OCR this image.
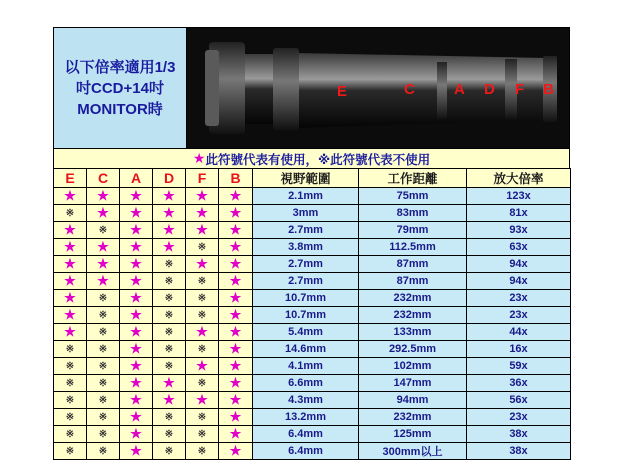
以下倍率適用1/3吋CCD+14吋MONITOR時
E	C	A D F B
★ 此符號代表有使用， ※此符號代表不使用
E	C	A	D	F	B	視野範圍	工作距離	放大倍率
★	★	★	★	★	★	2.1mm	75mm	123x
※	★	★	★	★	★	3mm	83mm	81x
★	※	★	★	★	★	2.7mm	79mm	93x
★	★	★	★	※	★	3.8mm	112.5mm	63x
★	★	★	※	★	★	2.7mm	87mm	94x
★	★	★	※	※	★	2.7mm	87mm	94x
★	※	★	※	※	★	10.7mm	232mm	23x
★	※	★	※	※	★	10.7mm	232mm	23x
★	※	★	※	★	★	5.4mm	133mm	44x
※	※	★	※	※	★	14.6mm	292.5mm	16x
※	※	★	※	★	★	4.1mm	102mm	59x
※	※	★	★	※	★	6.6mm	147mm	36x
※	※	★	★	★	★	4.3mm	94mm	56x
※	※	★	※	※	★	13.2mm	232mm	23x
※	※	★	※	※	★	6.4mm	125mm	38x
※	※	★	※	※	★	6.4mm	300mm以上	38x
